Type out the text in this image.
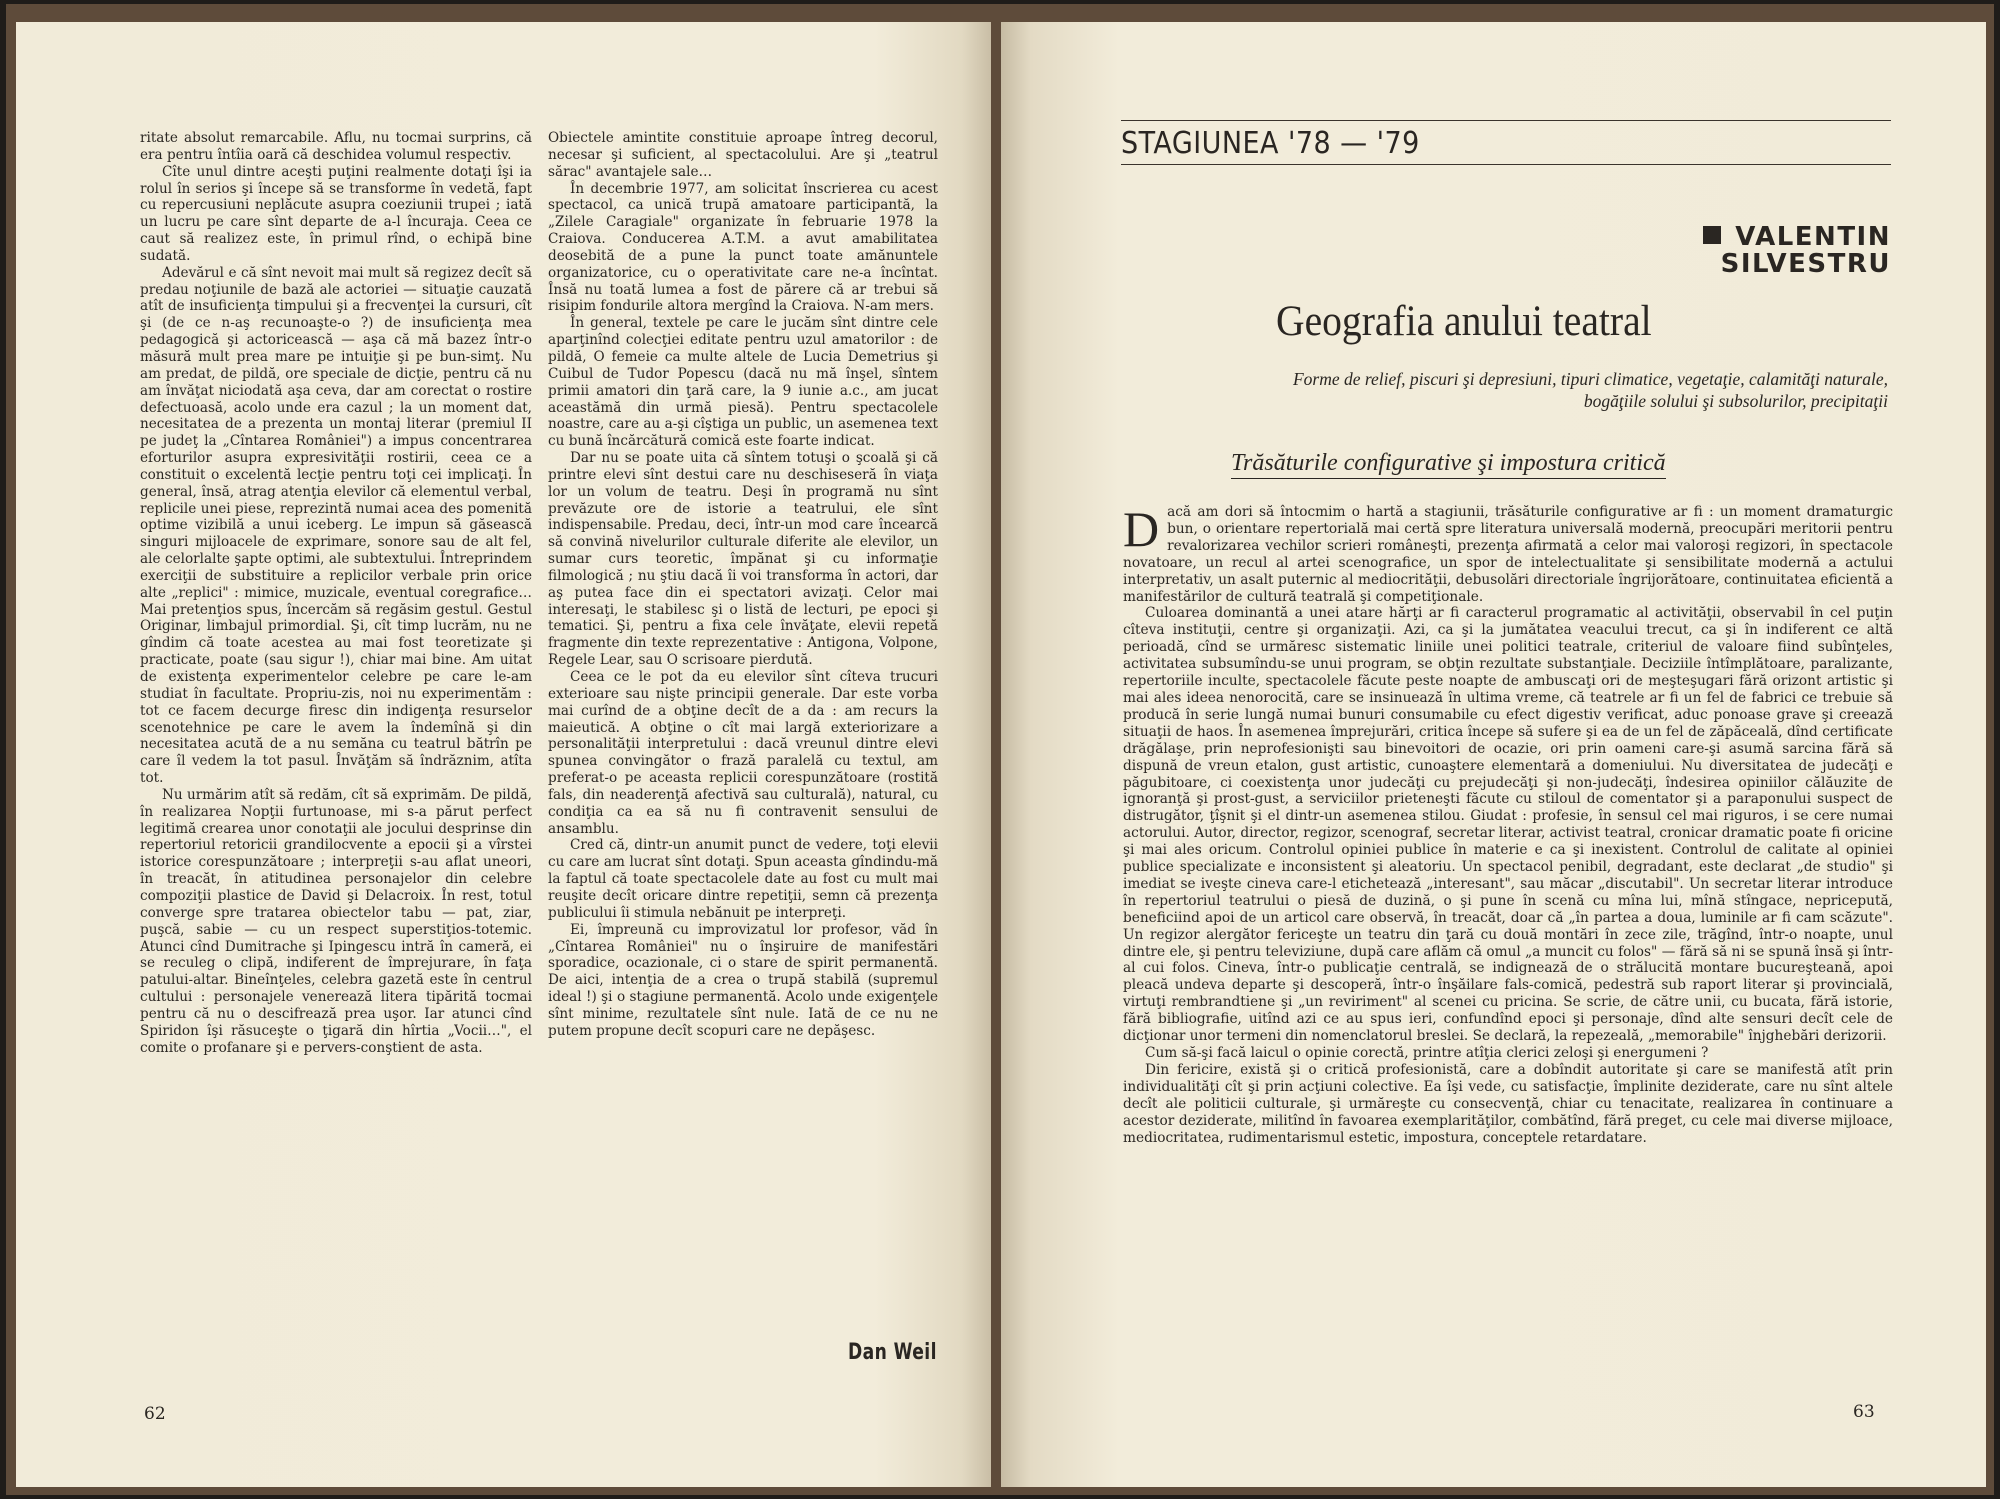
ritate absolut remarcabile. Aflu, nu tocmai surprins, că era pentru întîia oară că deschidea volumul respectiv.

Cîte unul dintre aceşti puţini realmente dotaţi îşi ia rolul în serios şi începe să se transforme în vedetă, fapt cu repercusiuni neplăcute asupra coeziunii trupei ; iată un lucru pe care sînt departe de a-l încuraja. Ceea ce caut să realizez este, în primul rînd, o echipă bine sudată.

Adevărul e că sînt nevoit mai mult să regizez decît să predau noţiunile de bază ale actoriei — situaţie cauzată atît de insuficienţa timpului şi a frecvenţei la cursuri, cît şi (de ce n-aş recunoaşte-o ?) de insuficienţa mea pedagogică şi actoricească — aşa că mă bazez într-o măsură mult prea mare pe intuiţie şi pe bun-simţ. Nu am predat, de pildă, ore speciale de dicţie, pentru că nu am învăţat niciodată aşa ceva, dar am corectat o rostire defectuoasă, acolo unde era cazul ; la un moment dat, necesitatea de a prezenta un montaj literar (premiul II pe judeţ la „Cîntarea României") a impus concentrarea eforturilor asupra expresivităţii rostirii, ceea ce a constituit o excelentă lecţie pentru toţi cei implicaţi. În general, însă, atrag atenţia elevilor că elementul verbal, replicile unei piese, reprezintă numai acea des pomenită optime vizibilă a unui iceberg. Le impun să găsească singuri mijloacele de exprimare, sonore sau de alt fel, ale celorlalte şapte optimi, ale subtextului. Întreprindem exerciţii de substituire a replicilor verbale prin orice alte „replici" : mimice, muzicale, eventual coregrafice… Mai pretenţios spus, încercăm să regăsim gestul. Gestul Originar, limbajul primordial. Şi, cît timp lucrăm, nu ne gîndim că toate acestea au mai fost teoretizate şi practicate, poate (sau sigur !), chiar mai bine. Am uitat de existenţa experimentelor celebre pe care le-am studiat în facultate. Propriu-zis, noi nu experimentăm : tot ce facem decurge firesc din indigenţa resurselor scenotehnice pe care le avem la îndemînă şi din necesitatea acută de a nu semăna cu teatrul bătrîn pe care îl vedem la tot pasul. Învăţăm să îndrăznim, atîta tot.

Nu urmărim atît să redăm, cît să exprimăm. De pildă, în realizarea Nopţii furtunoase, mi s-a părut perfect legitimă crearea unor conotaţii ale jocului desprinse din repertoriul retoricii grandilocvente a epocii şi a vîrstei istorice corespunzătoare ; interpreţii s-au aflat uneori, în treacăt, în atitudinea personajelor din celebre compoziţii plastice de David şi Delacroix. În rest, totul converge spre tratarea obiectelor tabu — pat, ziar, puşcă, sabie — cu un respect superstiţios-totemic. Atunci cînd Dumitrache şi Ipingescu intră în cameră, ei se reculeg o clipă, indiferent de împrejurare, în faţa patului-altar. Bineînţeles, celebra gazetă este în centrul cultului : personajele venerează litera tipărită tocmai pentru că nu o descifrează prea uşor. Iar atunci cînd Spiridon îşi răsuceşte o ţigară din hîrtia „Vocii…", el comite o profanare şi e pervers-conştient de asta.

Obiectele amintite constituie aproape întreg decorul, necesar şi suficient, al spectacolului. Are şi „teatrul sărac" avantajele sale…

În decembrie 1977, am solicitat înscrierea cu acest spectacol, ca unică trupă amatoare participantă, la „Zilele Caragiale" organizate în februarie 1978 la Craiova. Conducerea A.T.M. a avut amabilitatea deosebită de a pune la punct toate amănuntele organizatorice, cu o operativitate care ne-a încîntat. Însă nu toată lumea a fost de părere că ar trebui să risipim fondurile altora mergînd la Craiova. N-am mers.

În general, textele pe care le jucăm sînt dintre cele aparţinînd colecţiei editate pentru uzul amatorilor : de pildă, O femeie ca multe altele de Lucia Demetrius şi Cuibul de Tudor Popescu (dacă nu mă înşel, sîntem primii amatori din ţară care, la 9 iunie a.c., am jucat aceastămă din urmă piesă). Pentru spectacolele noastre, care au a-şi cîştiga un public, un asemenea text cu bună încărcătură comică este foarte indicat.

Dar nu se poate uita că sîntem totuşi o şcoală şi că printre elevi sînt destui care nu deschiseseră în viaţa lor un volum de teatru. Deşi în programă nu sînt prevăzute ore de istorie a teatrului, ele sînt indispensabile. Predau, deci, într-un mod care încearcă să convină nivelurilor culturale diferite ale elevilor, un sumar curs teoretic, împănat şi cu informaţie filmologică ; nu ştiu dacă îi voi transforma în actori, dar aş putea face din ei spectatori avizaţi. Celor mai interesaţi, le stabilesc şi o listă de lecturi, pe epoci şi tematici. Şi, pentru a fixa cele învăţate, elevii repetă fragmente din texte reprezentative : Antigona, Volpone, Regele Lear, sau O scrisoare pierdută.

Ceea ce le pot da eu elevilor sînt cîteva trucuri exterioare sau nişte principii generale. Dar este vorba mai curînd de a obţine decît de a da : am recurs la maieutică. A obţine o cît mai largă exteriorizare a personalităţii interpretului : dacă vreunul dintre elevi spunea convingător o frază paralelă cu textul, am preferat-o pe aceasta replicii corespunzătoare (rostită fals, din neaderenţă afectivă sau culturală), natural, cu condiţia ca ea să nu fi contravenit sensului de ansamblu.

Cred că, dintr-un anumit punct de vedere, toţi elevii cu care am lucrat sînt dotaţi. Spun aceasta gîndindu-mă la faptul că toate spectacolele date au fost cu mult mai reuşite decît oricare dintre repetiţii, semn că prezenţa publicului îi stimula nebănuit pe interpreţi.

Ei, împreună cu improvizatul lor profesor, văd în „Cîntarea României" nu o înşiruire de manifestări sporadice, ocazionale, ci o stare de spirit permanentă. De aici, intenţia de a crea o trupă stabilă (supremul ideal !) şi o stagiune permanentă. Acolo unde exigenţele sînt minime, rezultatele sînt nule. Iată de ce nu ne putem propune decît scopuri care ne depăşesc.

Dan Weil
62
STAGIUNEA '78 — '79
VALENTIN
SILVESTRU
Geografia anului teatral
Forme de relief, piscuri şi depresiuni, tipuri climatice, vegetaţie, calamităţi naturale, bogăţiile solului şi subsolurilor, precipitaţii
Trăsăturile configurative şi impostura critică

Dacă am dori să întocmim o hartă a stagiunii, trăsăturile configurative ar fi : un moment dramaturgic bun, o orientare repertorială mai certă spre literatura universală modernă, preocupări meritorii pentru revalorizarea vechilor scrieri româneşti, prezenţa afirmată a celor mai valoroşi regizori, în spectacole novatoare, un recul al artei scenografice, un spor de intelectualitate şi sensibilitate modernă a actului interpretativ, un asalt puternic al mediocrităţii, debusolări directoriale îngrijorătoare, continuitatea eficientă a manifestărilor de cultură teatrală şi competiţionale.

Culoarea dominantă a unei atare hărţi ar fi caracterul programatic al activităţii, observabil în cel puţin cîteva instituţii, centre şi organizaţii. Azi, ca şi la jumătatea veacului trecut, ca şi în indiferent ce altă perioadă, cînd se urmăresc sistematic liniile unei politici teatrale, criteriul de valoare fiind subînţeles, activitatea subsumîndu-se unui program, se obţin rezultate substanţiale. Deciziile întîmplătoare, paralizante, repertoriile inculte, spectacolele făcute peste noapte de ambuscaţi ori de meşteşugari fără orizont artistic şi mai ales ideea nenorocită, care se insinuează în ultima vreme, că teatrele ar fi un fel de fabrici ce trebuie să producă în serie lungă numai bunuri consumabile cu efect digestiv verificat, aduc ponoase grave şi creează situaţii de haos. În asemenea împrejurări, critica începe să sufere şi ea de un fel de zăpăceală, dînd certificate drăgălaşe, prin neprofesionişti sau binevoitori de ocazie, ori prin oameni care-şi asumă sarcina fără să dispună de vreun etalon, gust artistic, cunoaştere elementară a domeniului. Nu diversitatea de judecăţi e păgubitoare, ci coexistenţa unor judecăţi cu prejudecăţi şi non-judecăţi, îndesirea opiniilor călăuzite de ignoranţă şi prost-gust, a serviciilor prieteneşti făcute cu stiloul de comentator şi a paraponului suspect de distrugător, ţîşnit şi el dintr-un asemenea stilou. Giudat : profesie, în sensul cel mai riguros, i se cere numai actorului. Autor, director, regizor, scenograf, secretar literar, activist teatral, cronicar dramatic poate fi oricine şi mai ales oricum. Controlul opiniei publice în materie e ca şi inexistent. Controlul de calitate al opiniei publice specializate e inconsistent şi aleatoriu. Un spectacol penibil, degradant, este declarat „de studio" şi imediat se iveşte cineva care-l etichetează „interesant", sau măcar „discutabil". Un secretar literar introduce în repertoriul teatrului o piesă de duzină, o şi pune în scenă cu mîna lui, mînă stîngace, nepricepută, beneficiind apoi de un articol care observă, în treacăt, doar că „în partea a doua, luminile ar fi cam scăzute". Un regizor alergător fericeşte un teatru din ţară cu două montări în zece zile, trăgînd, într-o noapte, unul dintre ele, şi pentru televiziune, după care aflăm că omul „a muncit cu folos" — fără să ni se spună însă şi într-al cui folos. Cineva, într-o publicaţie centrală, se indignează de o strălucită montare bucureşteană, apoi pleacă undeva departe şi descoperă, într-o înşăilare fals-comică, pedestră sub raport literar şi provincială, virtuţi rembrandtiene şi „un reviriment" al scenei cu pricina. Se scrie, de către unii, cu bucata, fără istorie, fără bibliografie, uitînd azi ce au spus ieri, confundînd epoci şi personaje, dînd alte sensuri decît cele de dicţionar unor termeni din nomenclatorul breslei. Se declară, la repezeală, „memorabile" înjghebări derizorii.

Cum să-şi facă laicul o opinie corectă, printre atîţia clerici zeloşi şi energumeni ?

Din fericire, există şi o critică profesionistă, care a dobîndit autoritate şi care se manifestă atît prin individualităţi cît şi prin acţiuni colective. Ea îşi vede, cu satisfacţie, împlinite deziderate, care nu sînt altele decît ale politicii culturale, şi urmăreşte cu consecvenţă, chiar cu tenacitate, realizarea în continuare a acestor deziderate, militînd în favoarea exemplarităţilor, combătînd, fără preget, cu cele mai diverse mijloace, mediocritatea, rudimentarismul estetic, impostura, conceptele retardatare.

63
